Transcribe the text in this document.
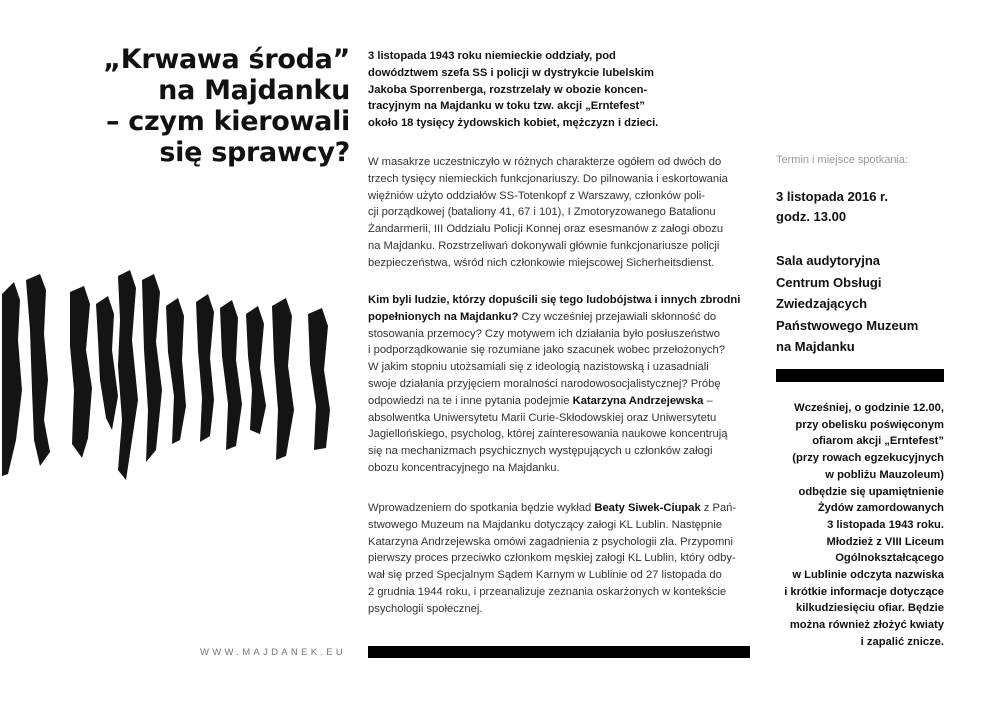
„Krwawa środa”
na Majdanku
– czym kierowali
się sprawcy?
WWW.MAJDANEK.EU

3 listopada 1943 roku niemieckie oddziały, pod
dowództwem szefa SS i policji w dystrykcie lubelskim
Jakoba Sporrenberga, rozstrzelały w obozie koncen-
tracyjnym na Majdanku w toku tzw. akcji „Erntefest”
około 18 tysięcy żydowskich kobiet, mężczyzn i dzieci.

W masakrze uczestniczyło w różnych charakterze ogółem od dwóch do
trzech tysięcy niemieckich funkcjonariuszy. Do pilnowania i eskortowania
więźniów użyto oddziałów SS-Totenkopf z Warszawy, członków poli-
cji porządkowej (bataliony 41, 67 i 101), I Zmotoryzowanego Batalionu
Żandarmerii, III Oddziału Policji Konnej oraz esesmanów z załogi obozu
na Majdanku. Rozstrzeliwań dokonywali głównie funkcjonariusze policji
bezpieczeństwa, wśród nich członkowie miejscowej Sicherheitsdienst.

Kim byli ludzie, którzy dopuścili się tego ludobójstwa i innych zbrodni
popełnionych na Majdanku? Czy wcześniej przejawiali skłonność do
stosowania przemocy? Czy motywem ich działania było posłuszeństwo
i podporządkowanie się rozumiane jako szacunek wobec przełożonych?
W jakim stopniu utożsamiali się z ideologią nazistowską i uzasadniali
swoje działania przyjęciem moralności narodowosocjalistycznej? Próbę
odpowiedzi na te i inne pytania podejmie Katarzyna Andrzejewska –
absolwentka Uniwersytetu Marii Curie-Skłodowskiej oraz Uniwersytetu
Jagiellońskiego, psycholog, której zainteresowania naukowe koncentrują
się na mechanizmach psychicznych występujących u członków załogi
obozu koncentracyjnego na Majdanku.

Wprowadzeniem do spotkania będzie wykład Beaty Siwek-Ciupak z Pań-
stwowego Muzeum na Majdanku dotyczący załogi KL Lublin. Następnie
Katarzyna Andrzejewska omówi zagadnienia z psychologii zła. Przypomni
pierwszy proces przeciwko członkom męskiej załogi KL Lublin, który odby-
wał się przed Specjalnym Sądem Karnym w Lublinie od 27 listopada do
2 grudnia 1944 roku, i przeanalizuje zeznania oskarżonych w kontekście
psychologii społecznej.

Termin i miejsce spotkania:
3 listopada 2016 r.
godz. 13.00
Sala audytoryjna
Centrum Obsługi
Zwiedzających
Państwowego Muzeum
na Majdanku
Wcześniej, o godzinie 12.00,
przy obelisku poświęconym
ofiarom akcji „Erntefest”
(przy rowach egzekucyjnych
w pobliżu Mauzoleum)
odbędzie się upamiętnienie
Żydów zamordowanych
3 listopada 1943 roku.
Młodzież z VIII Liceum
Ogólnokształcącego
w Lublinie odczyta nazwiska
i krótkie informacje dotyczące
kilkudziesięciu ofiar. Będzie
można również złożyć kwiaty
i zapalić znicze.
